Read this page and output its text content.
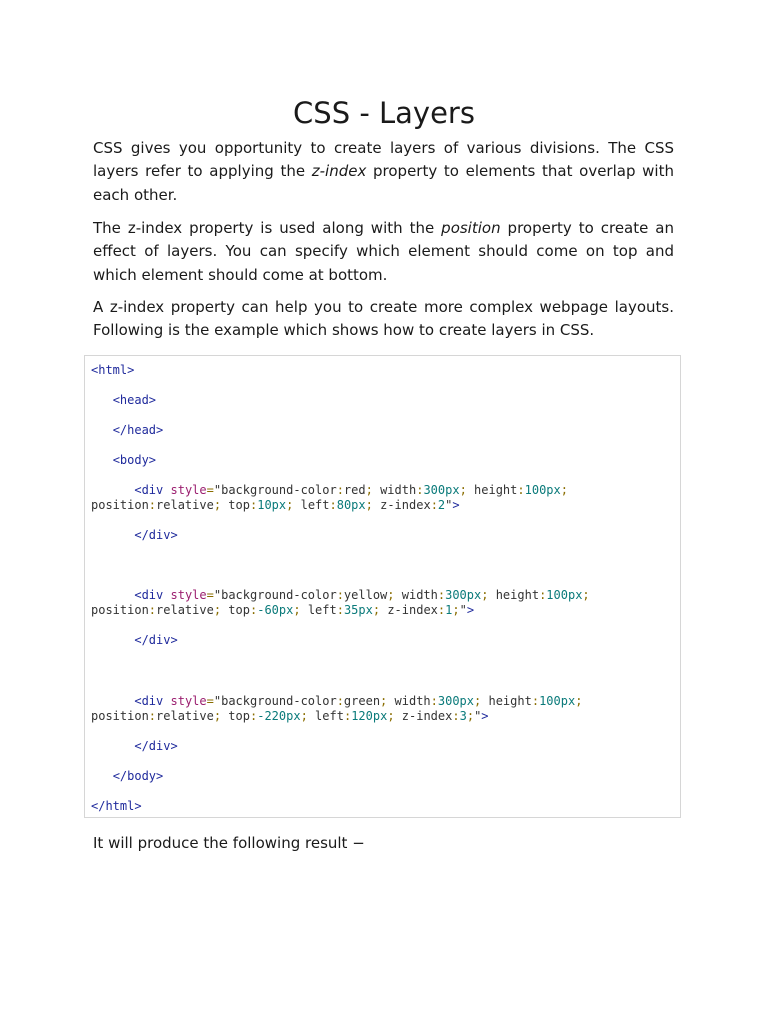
CSS - Layers

CSS gives you opportunity to create layers of various divisions. The CSS layers refer to applying the z-index property to elements that overlap with each other.

The z-index property is used along with the position property to create an effect of layers. You can specify which element should come on top and which element should come at bottom.

A z-index property can help you to create more complex webpage layouts. Following is the example which shows how to create layers in CSS.

<html>
<head>
</head>
<body>
<div style="background-color:red; width:300px; height:100px;
position:relative; top:10px; left:80px; z-index:2">
</div>
<div style="background-color:yellow; width:300px; height:100px;
position:relative; top:-60px; left:35px; z-index:1;">
</div>
<div style="background-color:green; width:300px; height:100px;
position:relative; top:-220px; left:120px; z-index:3;">
</div>
</body>
</html>

It will produce the following result −
